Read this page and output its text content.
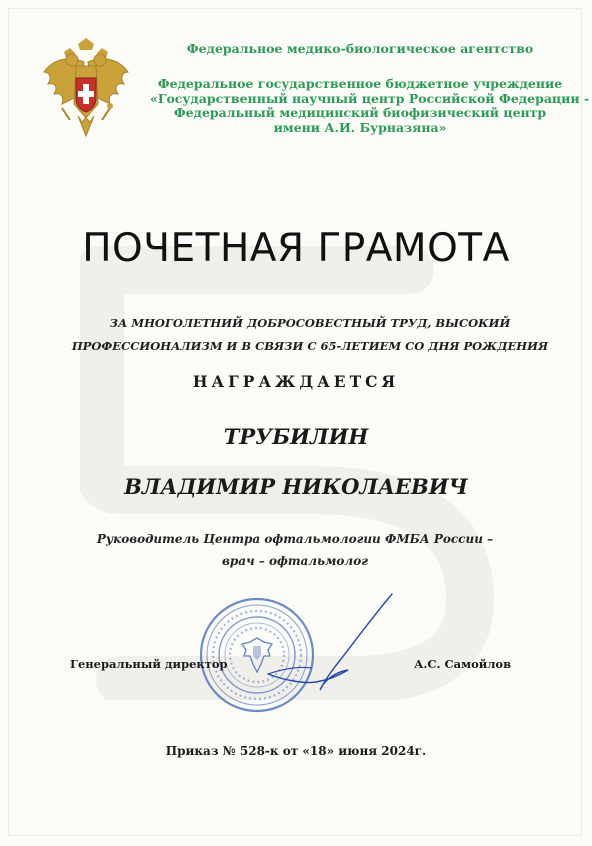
Федеральное медико-биологическое агентство
Федеральное государственное бюджетное учреждение
«Государственный научный центр Российской Федерации -
Федеральный медицинский биофизический центр
имени А.И. Бурназяна»
ПОЧЕТНАЯ ГРАМОТА
ЗА МНОГОЛЕТНИЙ ДОБРОСОВЕСТНЫЙ ТРУД, ВЫСОКИЙ
ПРОФЕССИОНАЛИЗМ И В СВЯЗИ С 65-ЛЕТИЕМ СО ДНЯ РОЖДЕНИЯ
НАГРАЖДАЕТСЯ
ТРУБИЛИН
ВЛАДИМИР НИКОЛАЕВИЧ
Руководитель Центра офтальмологии ФМБА России –
врач – офтальмолог
Генеральный директор	А.С. Самойлов
Приказ № 528-к от «18» июня 2024г.
